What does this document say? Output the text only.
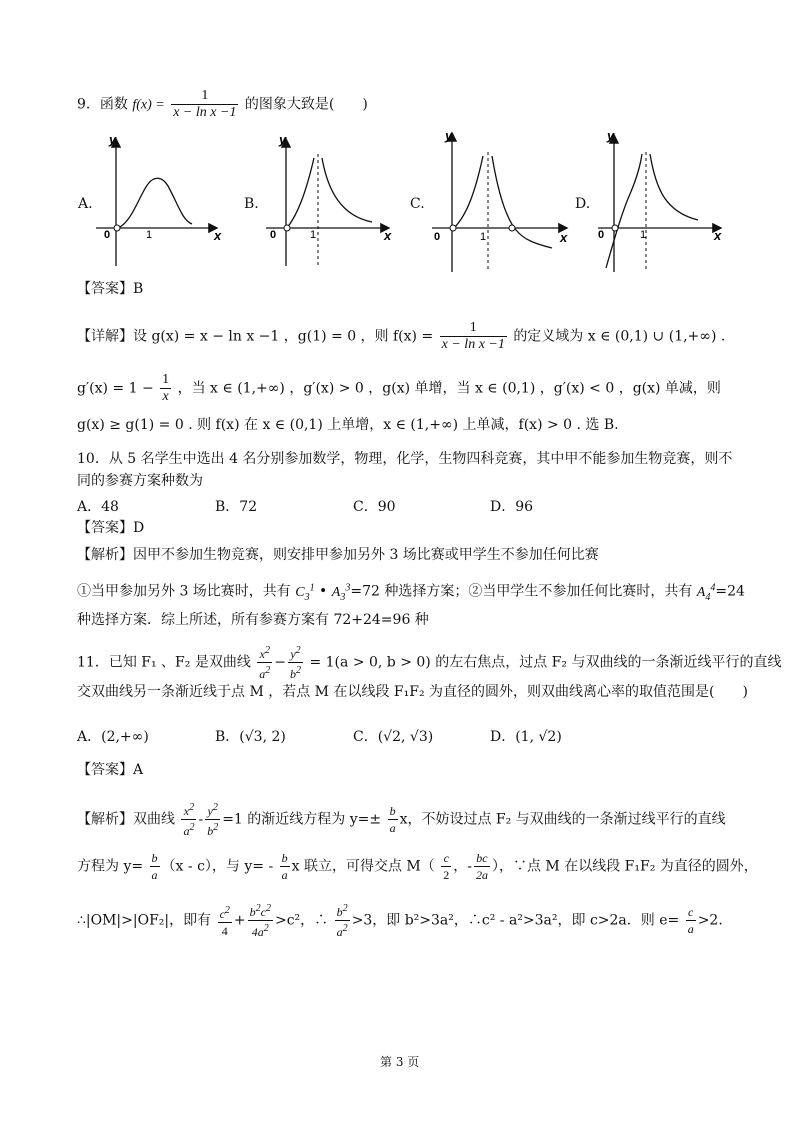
9．函数 $f(x) = \frac{1}{\text{x − ln x −1}}$ 的图象大致是(　　)
A.
y
x
0	1
B.
y
x
0	1
C.
y
x
0	1
D.
y
x
0	1
【答案】B
【详解】设 g(x) = x − ln x −1 ，g(1) = 0 ，则 $f(x) = \frac{1}{\text{x − ln x −1}}$ 的定义域为 x ∈ (0,1) ∪ (1,+∞) .
$g'(x) = 1 - \frac{1}{x}$ ，当 x ∈ (1,+∞) ，g′(x) > 0 ，g(x) 单增，当 x ∈ (0,1) ，g′(x) < 0 ，g(x) 单减，则
g(x) ≥ g(1) = 0 . 则 f(x) 在 x ∈ (0,1) 上单增，x ∈ (1,+∞) 上单减，f(x) > 0 . 选 B.
10．从 5 名学生中选出 4 名分别参加数学，物理，化学，生物四科竞赛，其中甲不能参加生物竞赛，则不
同的参赛方案种数为
A．48	B．72	C．90	D．96
【答案】D
【解析】因甲不参加生物竞赛，则安排甲参加另外 3 场比赛或甲学生不参加任何比赛
①当甲参加另外 3 场比赛时，共有 $C_3^1$ • $A_3^3=72$ 种选择方案；②当甲学生不参加任何比赛时，共有 $A_4^4=24$
种选择方案．综上所述，所有参赛方案有 72+24=96 种
11．已知 F₁ 、F₂ 是双曲线 $\frac{x^2}{a^2} - \frac{y^2}{b^2} = 1(a > 0$, b > 0) 的左右焦点，过点 F₂ 与双曲线的一条渐近线平行的直线
交双曲线另一条渐近线于点 M ，若点 M 在以线段 F₁F₂ 为直径的圆外，则双曲线离心率的取值范围是(　　)
A．(2,+∞)	B．(√3, 2)	C．(√2, √3)	D．(1, √2)
【答案】A
【解析】双曲线 $\frac{x^2}{a^2} - \frac{y^2}{b^2} =1$ 的渐近线方程为 $y=\pm \frac{b}{a}$ x，不妨设过点 F₂ 与双曲线的一条渐过线平行的直线
方程为 $y= \frac{b}{a} (x - c)$，与 $y= - \frac{b}{a}$ x 联立，可得交点 $M( \frac{c}{2}$ ，- $\frac{bc}{2a}$ ），∵点 M 在以线段 F₁F₂ 为直径的圆外，
∴|OM|>|OF₂|，即有 $\frac{c^2}{4} + \frac{b^2c^2}{4a^2} >c^2$，∴ $\frac{b^2}{a^2} >3$，即 b²>3a²，∴c² - a²>3a²，即 c>2a．则 $e= \frac{c}{a} >2$.
第 3 页
